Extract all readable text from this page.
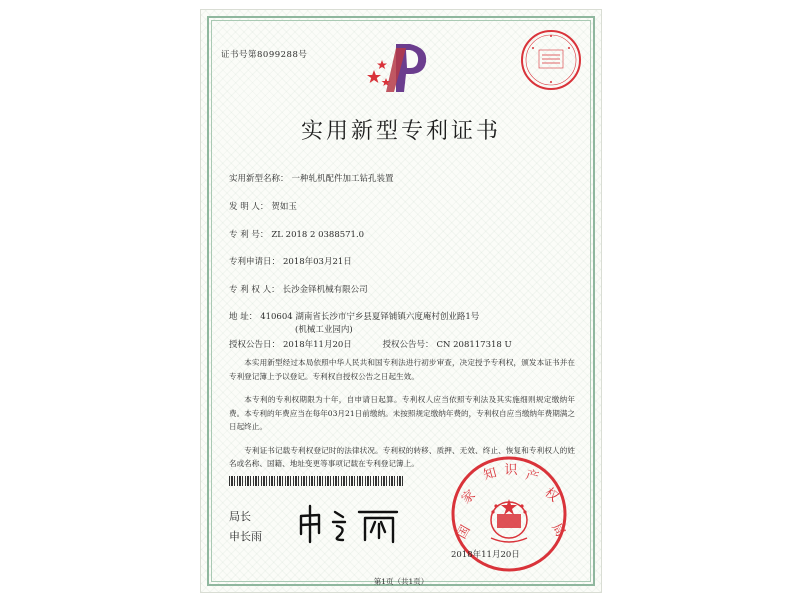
证书号第8099288号
实用新型专利证书
实用新型名称： 一种轧机配件加工钻孔装置
发 明 人： 贺如玉
专 利 号： ZL 2018 2 0388571.0
专利申请日： 2018年03月21日
专 利 权 人： 长沙金铎机械有限公司
地 址： 410604 湖南省长沙市宁乡县夏铎铺镇六度庵村创业路1号
(机械工业园内)
授权公告日： 2018年11月20日	授权公告号： CN 208117318 U

本实用新型经过本局依照中华人民共和国专利法进行初步审查，决定授予专利权，颁发本证书并在专利登记簿上予以登记。专利权自授权公告之日起生效。

本专利的专利权期限为十年，自申请日起算。专利权人应当依照专利法及其实施细则规定缴纳年费。本专利的年费应当在每年03月21日前缴纳。未按照规定缴纳年费的，专利权自应当缴纳年费期满之日起终止。

专利证书记载专利权登记时的法律状况。专利权的转移、质押、无效、终止、恢复和专利权人的姓名或名称、国籍、地址变更等事项记载在专利登记簿上。

局长
申长雨	国
家
知 识 产
权
局
2018年11月20日
第1页（共1页）
